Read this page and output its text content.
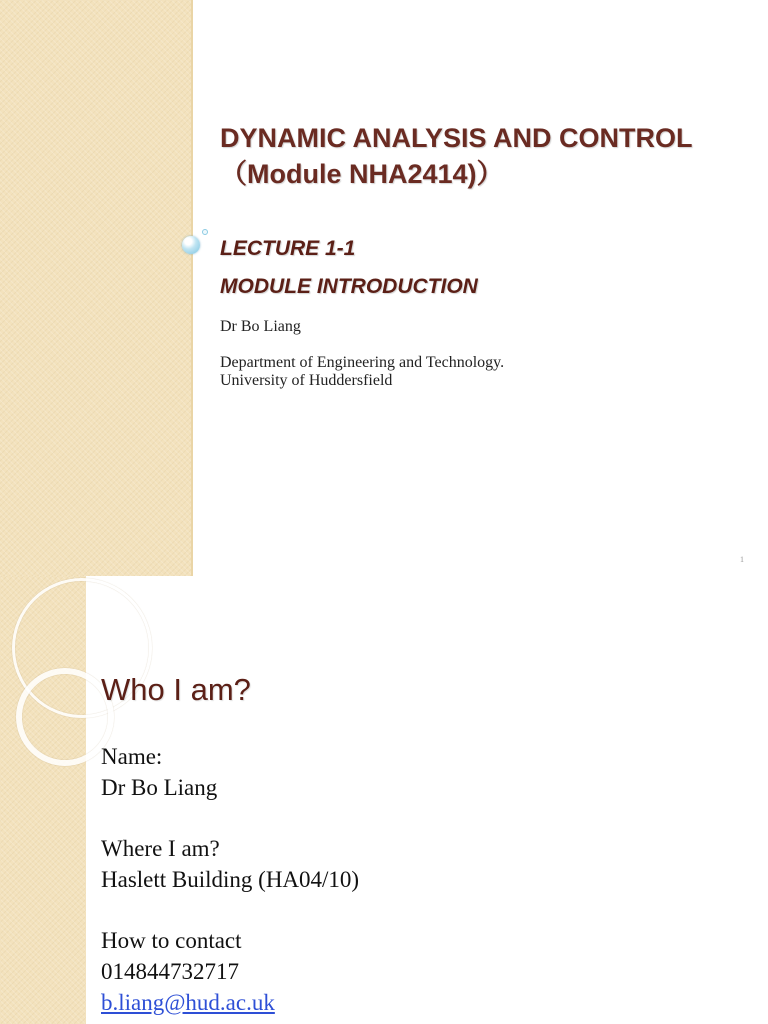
DYNAMIC ANALYSIS AND CONTROL
（Module NHA2414)）
LECTURE 1-1
MODULE INTRODUCTION
Dr Bo Liang
Department of Engineering and Technology.
University of Huddersfield
1
Who I am?
Name:
Dr Bo Liang
Where I am?
Haslett Building (HA04/10)
How to contact
014844732717
b.liang@hud.ac.uk
